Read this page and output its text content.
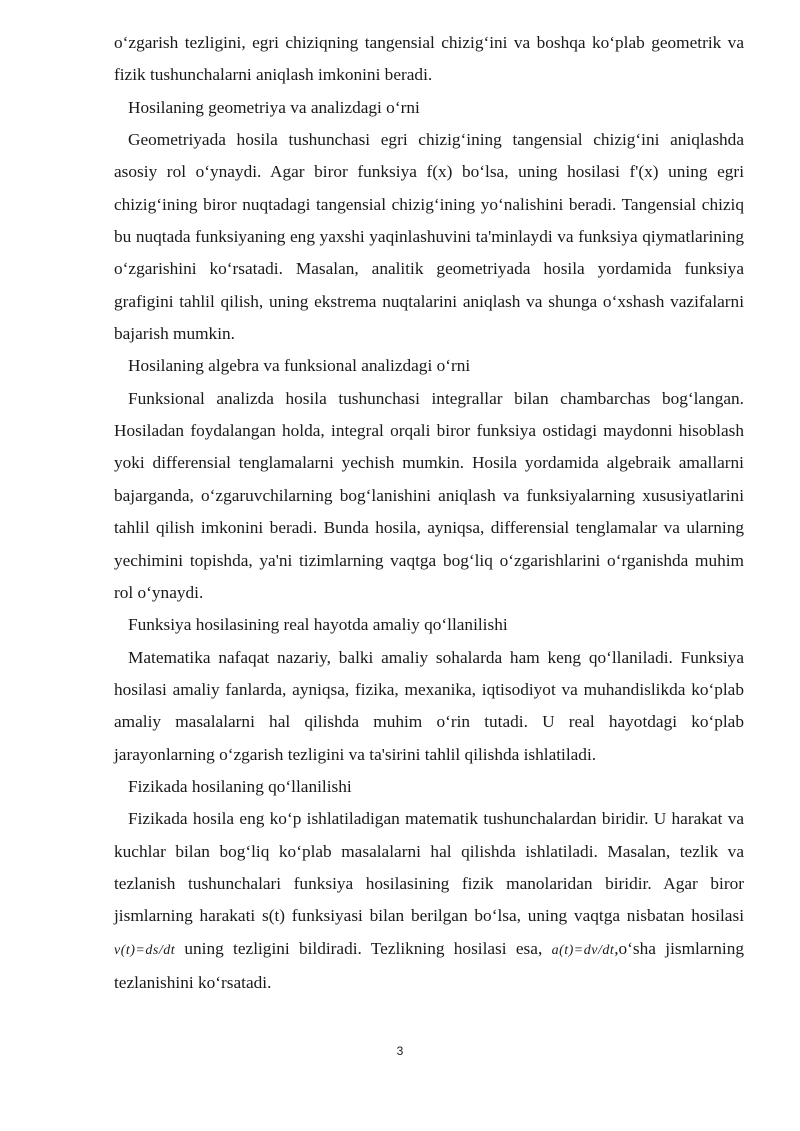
o‘zgarish tezligini, egri chiziqning tangensial chizig‘ini va boshqa ko‘plab geometrik va fizik tushunchalarni aniqlash imkonini beradi.

Hosilaning geometriya va analizdagi o‘rni

Geometriyada hosila tushunchasi egri chizig‘ining tangensial chizig‘ini aniqlashda asosiy rol o‘ynaydi. Agar biror funksiya f(x) bo‘lsa, uning hosilasi f'(x) uning egri chizig‘ining biror nuqtadagi tangensial chizig‘ining yo‘nalishini beradi. Tangensial chiziq bu nuqtada funksiyaning eng yaxshi yaqinlashuvini ta'minlaydi va funksiya qiymatlarining o‘zgarishini ko‘rsatadi. Masalan, analitik geometriyada hosila yordamida funksiya grafigini tahlil qilish, uning ekstrema nuqtalarini aniqlash va shunga o‘xshash vazifalarni bajarish mumkin.

Hosilaning algebra va funksional analizdagi o‘rni

Funksional analizda hosila tushunchasi integrallar bilan chambarchas bog‘langan. Hosiladan foydalangan holda, integral orqali biror funksiya ostidagi maydonni hisoblash yoki differensial tenglamalarni yechish mumkin. Hosila yordamida algebraik amallarni bajarganda, o‘zgaruvchilarning bog‘lanishini aniqlash va funksiyalarning xususiyatlarini tahlil qilish imkonini beradi. Bunda hosila, ayniqsa, differensial tenglamalar va ularning yechimini topishda, ya'ni tizimlarning vaqtga bog‘liq o‘zgarishlarini o‘rganishda muhim rol o‘ynaydi.

Funksiya hosilasining real hayotda amaliy qo‘llanilishi

Matematika nafaqat nazariy, balki amaliy sohalarda ham keng qo‘llaniladi. Funksiya hosilasi amaliy fanlarda, ayniqsa, fizika, mexanika, iqtisodiyot va muhandislikda ko‘plab amaliy masalalarni hal qilishda muhim o‘rin tutadi. U real hayotdagi ko‘plab jarayonlarning o‘zgarish tezligini va ta'sirini tahlil qilishda ishlatiladi.

Fizikada hosilaning qo‘llanilishi

Fizikada hosila eng ko‘p ishlatiladigan matematik tushunchalardan biridir. U harakat va kuchlar bilan bog‘liq ko‘plab masalalarni hal qilishda ishlatiladi. Masalan, tezlik va tezlanish tushunchalari funksiya hosilasining fizik manolaridan biridir. Agar biror jismlarning harakati s(t) funksiyasi bilan berilgan bo‘lsa, uning vaqtga nisbatan hosilasi v(t)=ds/dt uning tezligini bildiradi. Tezlikning hosilasi esa, a(t)=dv/dt,o‘sha jismlarning tezlanishini ko‘rsatadi.

3
